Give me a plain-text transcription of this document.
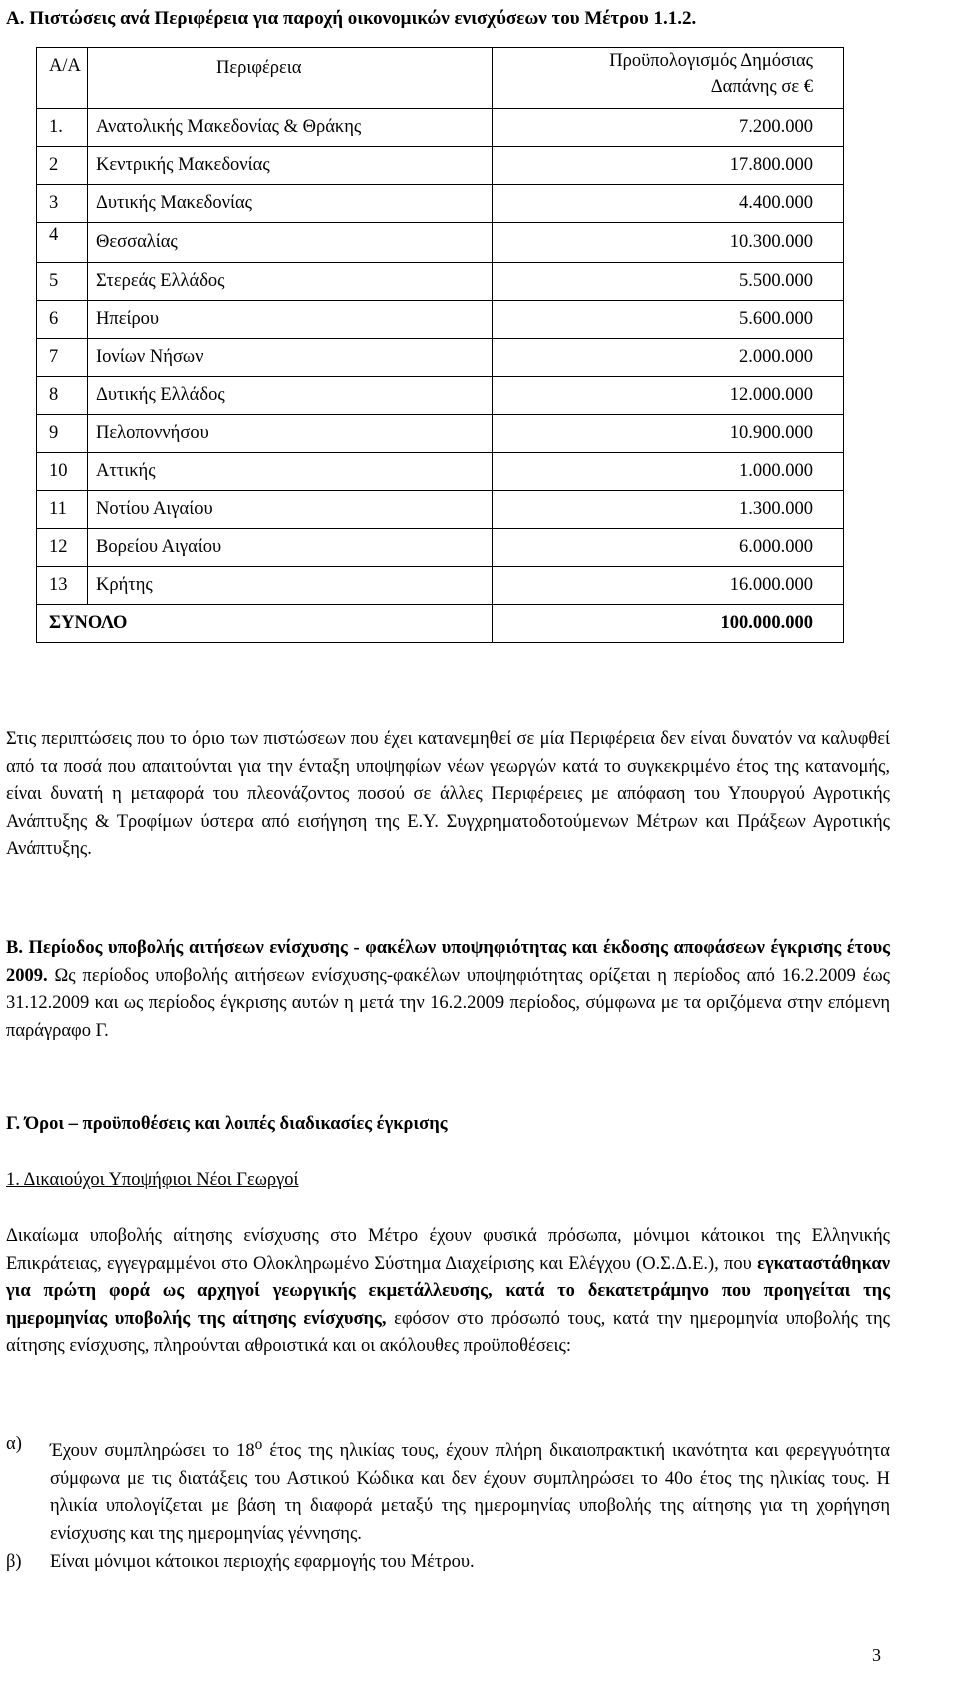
Α. Πιστώσεις ανά Περιφέρεια για παροχή οικονομικών ενισχύσεων του Μέτρου 1.1.2.
Α/Α	Περιφέρεια	Προϋπολογισμός Δημόσιας
Δαπάνης σε €

1.	Ανατολικής Μακεδονίας & Θράκης	7.200.000
2	Κεντρικής Μακεδονίας	17.800.000
3	Δυτικής Μακεδονίας	4.400.000
4	Θεσσαλίας	10.300.000
5	Στερεάς Ελλάδος	5.500.000
6	Ηπείρου	5.600.000
7	Ιονίων Νήσων	2.000.000
8	Δυτικής Ελλάδος	12.000.000
9	Πελοποννήσου	10.900.000
10	Αττικής	1.000.000
11	Νοτίου Αιγαίου	1.300.000
12	Βορείου Αιγαίου	6.000.000
13	Κρήτης	16.000.000
ΣΥΝΟΛΟ		100.000.000

Στις περιπτώσεις που το όριο των πιστώσεων που έχει κατανεμηθεί σε μία Περιφέρεια δεν είναι δυνατόν να καλυφθεί από τα ποσά που απαιτούνται για την ένταξη υποψηφίων νέων γεωργών κατά το συγκεκριμένο έτος της κατανομής, είναι δυνατή η μεταφορά του πλεονάζοντος ποσού σε άλλες Περιφέρειες με απόφαση του Υπουργού Αγροτικής Ανάπτυξης & Τροφίμων ύστερα από εισήγηση της Ε.Υ. Συγχρηματοδοτούμενων Μέτρων και Πράξεων Αγροτικής Ανάπτυξης.

Β. Περίοδος υποβολής αιτήσεων ενίσχυσης - φακέλων υποψηφιότητας και έκδοσης αποφάσεων έγκρισης έτους 2009. Ως περίοδος υποβολής αιτήσεων ενίσχυσης-φακέλων υποψηφιότητας ορίζεται η περίοδος από 16.2.2009 έως 31.12.2009 και ως περίοδος έγκρισης αυτών η μετά την 16.2.2009 περίοδος, σύμφωνα με τα οριζόμενα στην επόμενη παράγραφο Γ.

Γ. Όροι – προϋποθέσεις και λοιπές διαδικασίες έγκρισης
1. Δικαιούχοι Υποψήφιοι Νέοι Γεωργοί

Δικαίωμα υποβολής αίτησης ενίσχυσης στο Μέτρο έχουν φυσικά πρόσωπα, μόνιμοι κάτοικοι της Ελληνικής Επικράτειας, εγγεγραμμένοι στο Ολοκληρωμένο Σύστημα Διαχείρισης και Ελέγχου (Ο.Σ.Δ.Ε.), που εγκαταστάθηκαν για πρώτη φορά ως αρχηγοί γεωργικής εκμετάλλευσης, κατά το δεκατετράμηνο που προηγείται της ημερομηνίας υποβολής της αίτησης ενίσχυσης, εφόσον στο πρόσωπό τους, κατά την ημερομηνία υποβολής της αίτησης ενίσχυσης, πληρούνται αθροιστικά και οι ακόλουθες προϋποθέσεις:

α)	Έχουν συμπληρώσει το $18^o$ έτος της ηλικίας τους, έχουν πλήρη δικαιοπρακτική ικανότητα και φερεγγυότητα σύμφωνα με τις διατάξεις του Αστικού Κώδικα και δεν έχουν συμπληρώσει το 40ο έτος της ηλικίας τους. Η ηλικία υπολογίζεται με βάση τη διαφορά μεταξύ της ημερομηνίας υποβολής της αίτησης για τη χορήγηση ενίσχυσης και της ημερομηνίας γέννησης.
β)	Είναι μόνιμοι κάτοικοι περιοχής εφαρμογής του Μέτρου.
3
